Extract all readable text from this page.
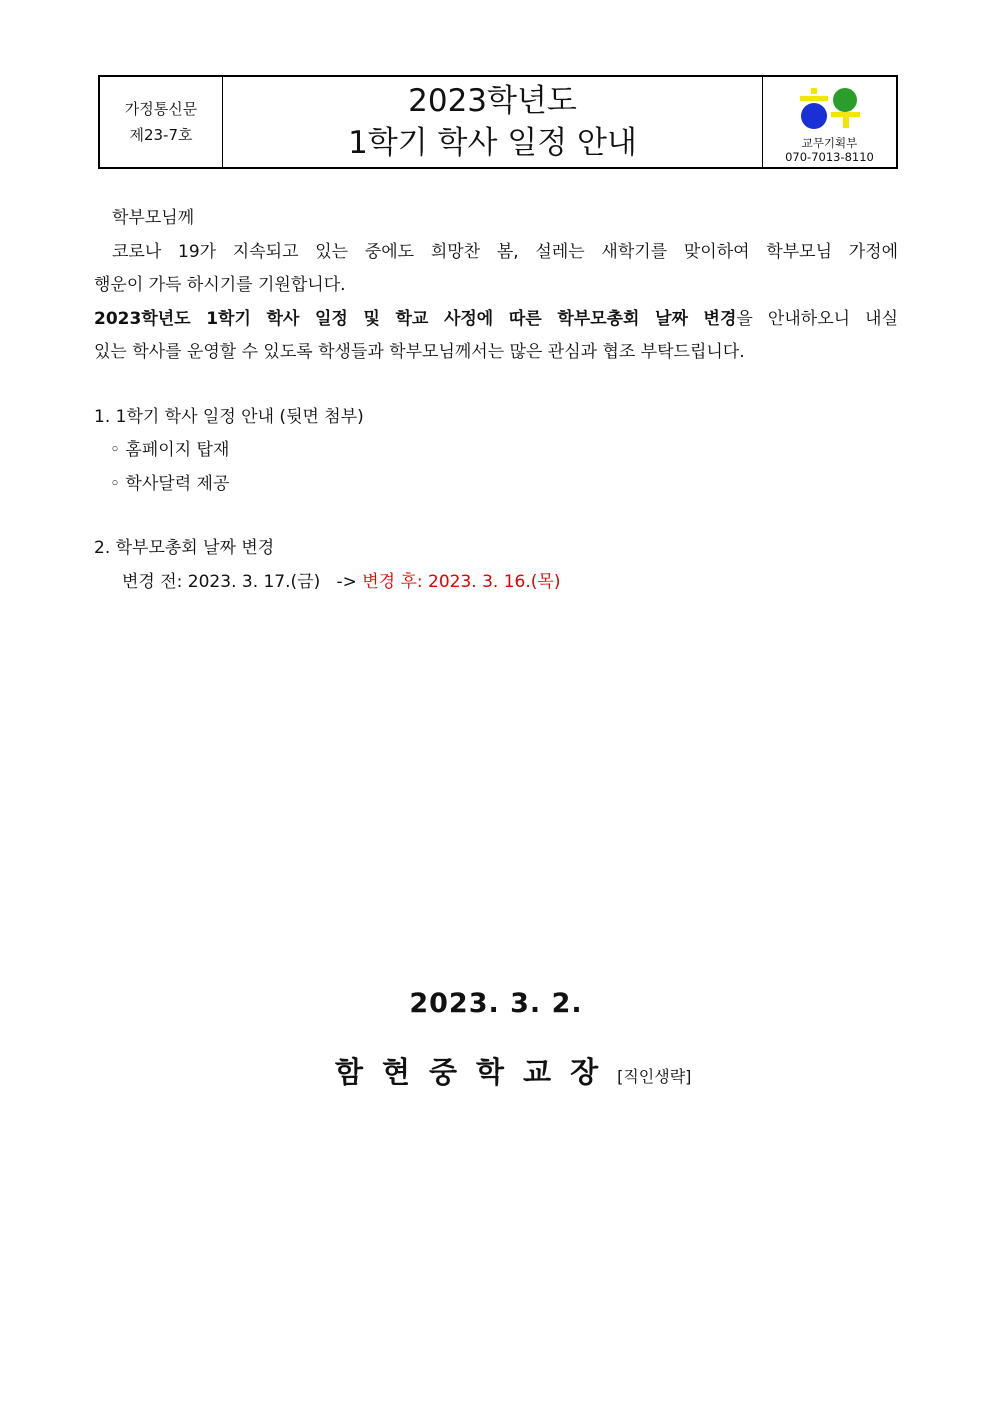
가정통신문
제23-7호
2023학년도
1학기 학사 일정 안내	교무기획부
070-7013-8110

학부모님께

코로나 19가 지속되고 있는 중에도 희망찬 봄, 설레는 새학기를 맞이하여 학부모님 가정에

행운이 가득 하시기를 기원합니다.

2023학년도 1학기 학사 일정 및 학교 사정에 따른 학부모총회 날짜 변경을 안내하오니 내실

있는 학사를 운영할 수 있도록 학생들과 학부모님께서는 많은 관심과 협조 부탁드립니다.

1. 1학기 학사 일정 안내 (뒷면 첨부)

◦ 홈페이지 탑재

◦ 학사달력 제공

2. 학부모총회 날짜 변경

변경 전: 2023. 3. 17.(금) -> 변경 후: 2023. 3. 16.(목)

2023. 3. 2.
함현중학교장[직인생략]
